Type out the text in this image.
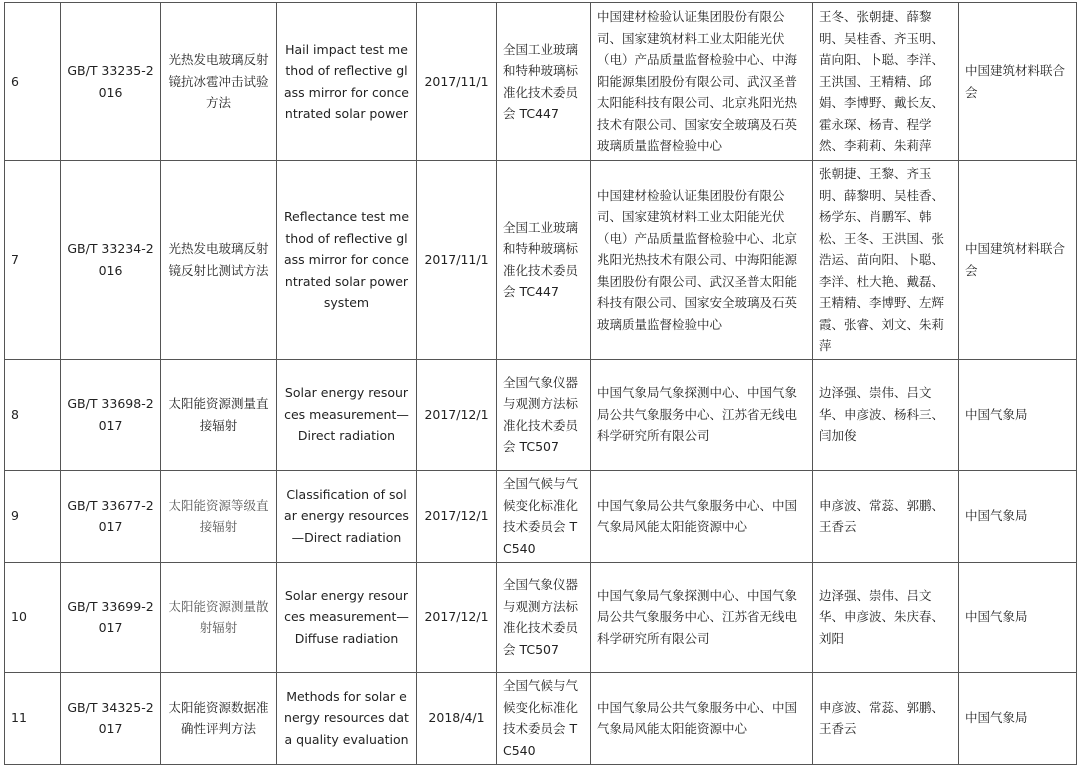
6	GB/T 33235-2016	光热发电玻璃反射镜抗冰雹冲击试验方法	Hail impact test method of reflective glass mirror for concentrated solar power	2017/11/1	全国工业玻璃和特种玻璃标准化技术委员会 TC447	中国建材检验认证集团股份有限公司、国家建筑材料工业太阳能光伏（电）产品质量监督检验中心、中海阳能源集团股份有限公司、武汉圣普太阳能科技有限公司、北京兆阳光热技术有限公司、国家安全玻璃及石英玻璃质量监督检验中心	王冬、张朝捷、薛黎明、吴桂香、齐玉明、苗向阳、卜聪、李洋、王洪国、王精精、邱娟、李博野、戴长友、霍永琛、杨青、程学然、李莉莉、朱莉萍	中国建筑材料联合会
7	GB/T 33234-2016	光热发电玻璃反射镜反射比测试方法	Reflectance test method of reflective glass mirror for concentrated solar power system	2017/11/1	全国工业玻璃和特种玻璃标准化技术委员会 TC447	中国建材检验认证集团股份有限公司、国家建筑材料工业太阳能光伏（电）产品质量监督检验中心、北京兆阳光热技术有限公司、中海阳能源集团股份有限公司、武汉圣普太阳能科技有限公司、国家安全玻璃及石英玻璃质量监督检验中心	张朝捷、王黎、齐玉明、薛黎明、吴桂香、杨学东、肖鹏军、韩松、王冬、王洪国、张浩运、苗向阳、卜聪、李洋、杜大艳、戴磊、王精精、李博野、左辉霞、张睿、刘文、朱莉萍	中国建筑材料联合会
8	GB/T 33698-2017	太阳能资源测量直接辐射	Solar energy resources measurement—Direct radiation	2017/12/1	全国气象仪器与观测方法标准化技术委员会 TC507	中国气象局气象探测中心、中国气象局公共气象服务中心、江苏省无线电科学研究所有限公司	边泽强、崇伟、吕文华、申彦波、杨科三、闫加俊	中国气象局
9	GB/T 33677-2017	太阳能资源等级直接辐射	Classification of solar energy resources—Direct radiation	2017/12/1	全国气候与气候变化标准化技术委员会 TC540	中国气象局公共气象服务中心、中国气象局风能太阳能资源中心	申彦波、常蕊、郭鹏、王香云	中国气象局
10	GB/T 33699-2017	太阳能资源测量散射辐射	Solar energy resources measurement—Diffuse radiation	2017/12/1	全国气象仪器与观测方法标准化技术委员会 TC507	中国气象局气象探测中心、中国气象局公共气象服务中心、江苏省无线电科学研究所有限公司	边泽强、崇伟、吕文华、申彦波、朱庆春、刘阳	中国气象局
11	GB/T 34325-2017	太阳能资源数据准确性评判方法	Methods for solar energy resources data quality evaluation	2018/4/1	全国气候与气候变化标准化技术委员会 TC540	中国气象局公共气象服务中心、中国气象局风能太阳能资源中心	申彦波、常蕊、郭鹏、王香云	中国气象局
